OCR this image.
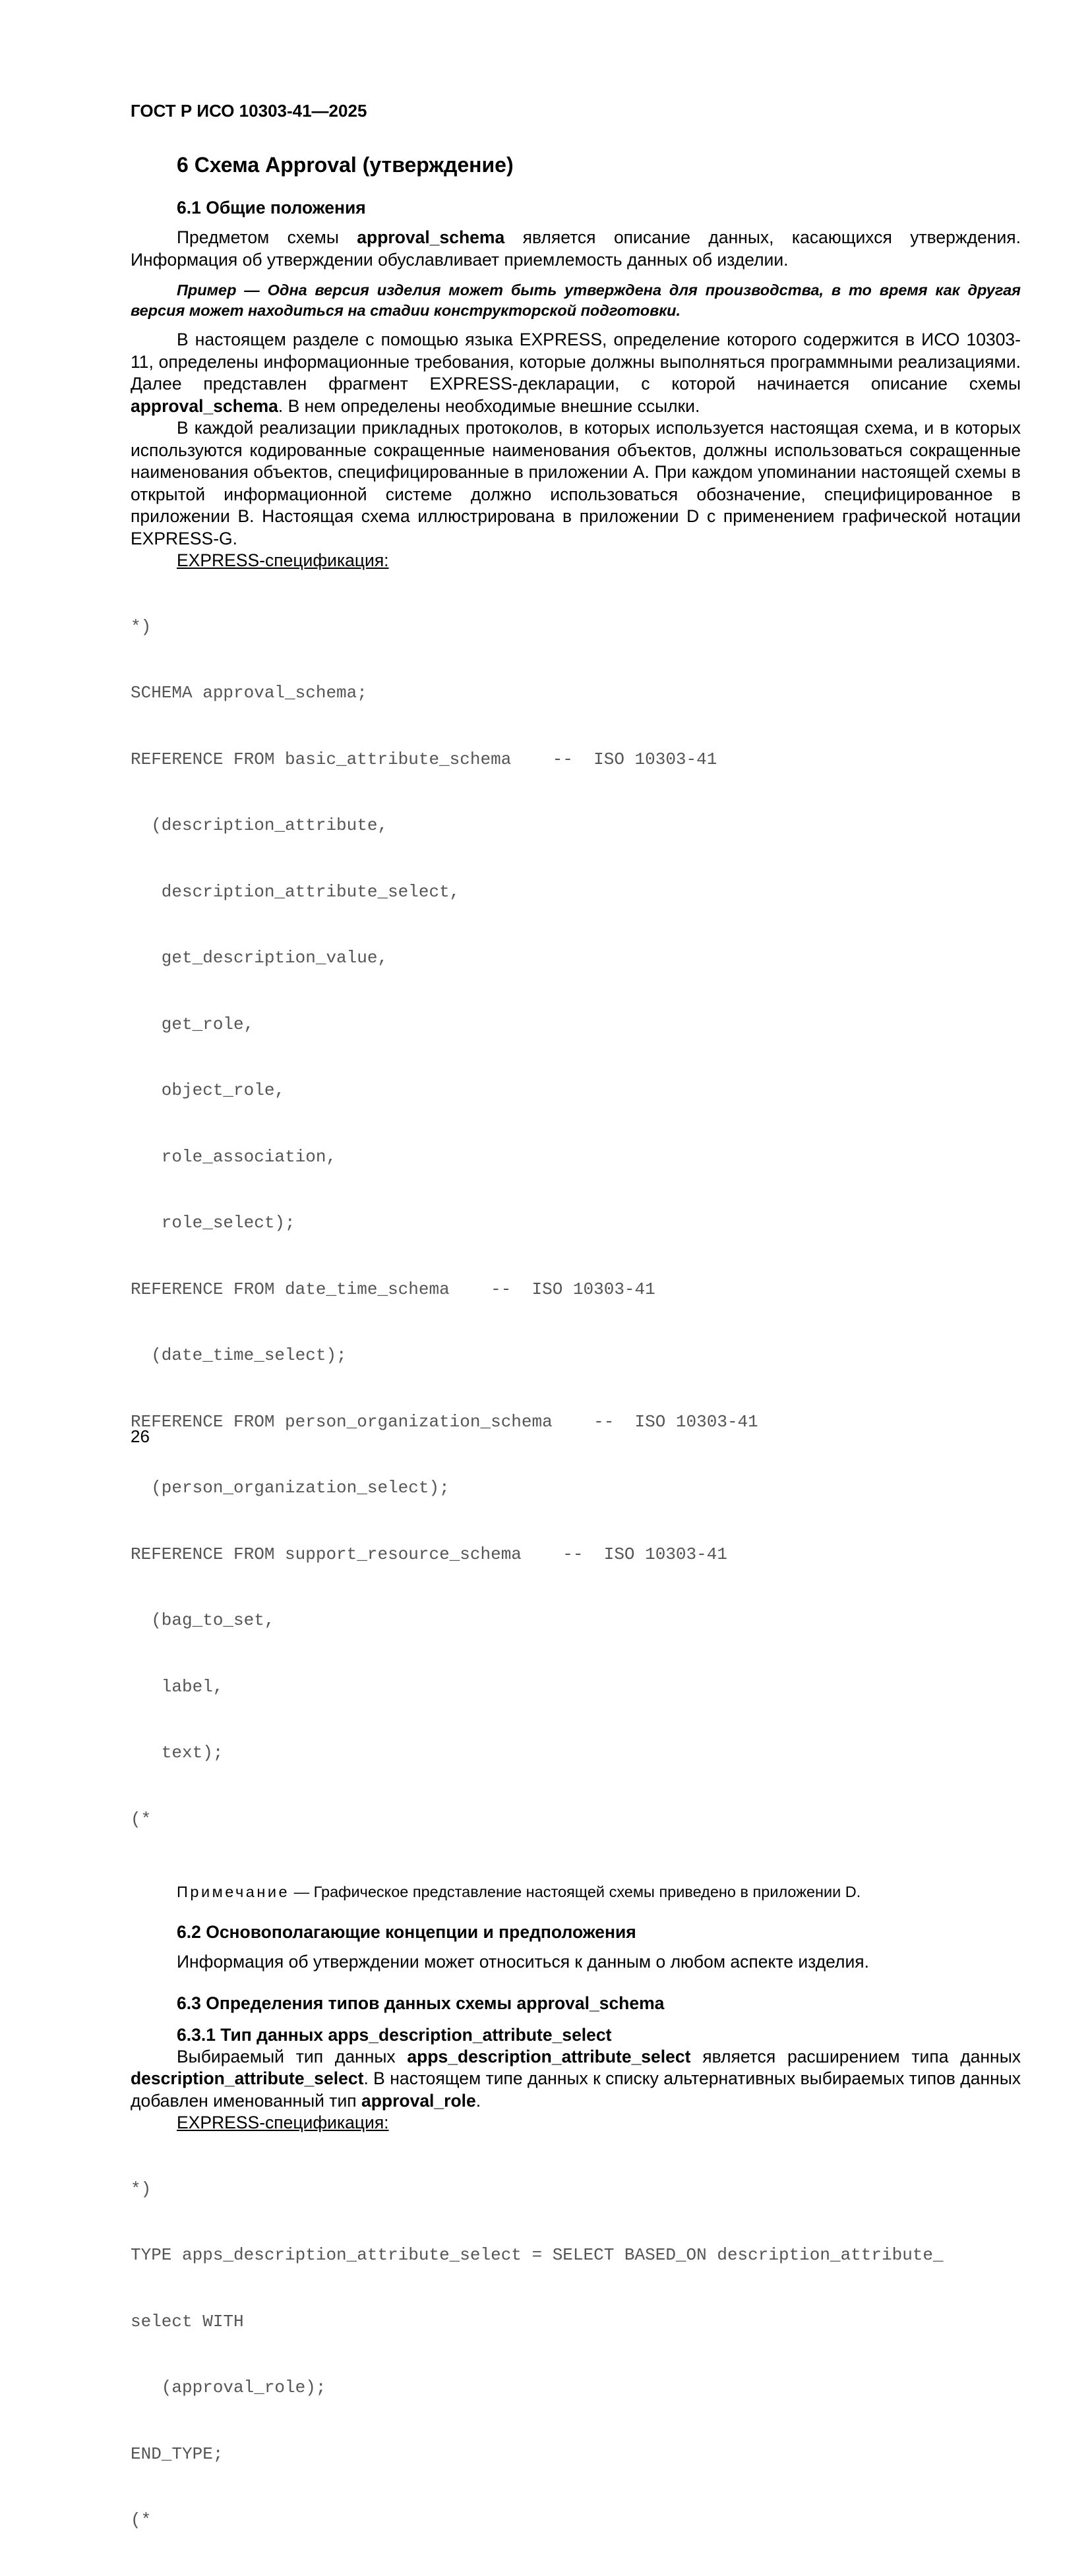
ГОСТ Р ИСО 10303-41—2025
6 Схема Approval (утверждение)
6.1 Общие положения

Предметом схемы approval_schema является описание данных, касающихся утверждения. Информация об утверждении обуславливает приемлемость данных об изделии.

Пример — Одна версия изделия может быть утверждена для производства, в то время как другая версия может находиться на стадии конструкторской подготовки.

В настоящем разделе с помощью языка EXPRESS, определение которого содержится в ИСО 10303-11, определены информационные требования, которые должны выполняться программными реализациями. Далее представлен фрагмент EXPRESS-декларации, с которой начинается описание схемы approval_schema. В нем определены необходимые внешние ссылки.

В каждой реализации прикладных протоколов, в которых используется настоящая схема, и в которых используются кодированные сокращенные наименования объектов, должны использоваться сокращенные наименования объектов, специфицированные в приложении А. При каждом упоминании настоящей схемы в открытой информационной системе должно использоваться обозначение, специфицированное в приложении В. Настоящая схема иллюстрирована в приложении D с применением графической нотации EXPRESS-G.

EXPRESS-спецификация:

*)

SCHEMA approval_schema;

REFERENCE FROM basic_attribute_schema    --  ISO 10303-41

(description_attribute,

description_attribute_select,

get_description_value,

get_role,

object_role,

role_association,

role_select);

REFERENCE FROM date_time_schema    --  ISO 10303-41

(date_time_select);

REFERENCE FROM person_organization_schema    --  ISO 10303-41

(person_organization_select);

REFERENCE FROM support_resource_schema    --  ISO 10303-41

(bag_to_set,

label,

text);

(*

Примечание — Графическое представление настоящей схемы приведено в приложении D.
6.2 Основополагающие концепции и предположения

Информация об утверждении может относиться к данным о любом аспекте изделия.

6.3 Определения типов данных схемы approval_schema
6.3.1 Тип данных apps_description_attribute_select

Выбираемый тип данных apps_description_attribute_select является расширением типа данных description_attribute_select. В настоящем типе данных к списку альтернативных выбираемых типов данных добавлен именованный тип approval_role.

EXPRESS-спецификация:

*)

TYPE apps_description_attribute_select = SELECT BASED_ON description_attribute_

select WITH

(approval_role);

END_TYPE;

(*

26
